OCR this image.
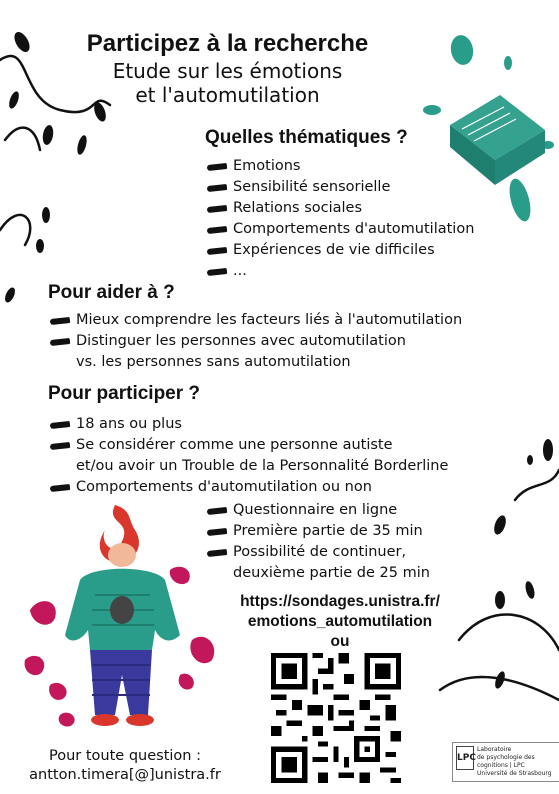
Participez à la recherche
Etude sur les émotions
et l'automutilation
Quelles thématiques ?
Emotions
Sensibilité sensorielle
Relations sociales
Comportements d'automutilation
Expériences de vie difficiles
...
Pour aider à ?
Mieux comprendre les facteurs liés à l'automutilation
Distinguer les personnes avec automutilation
vs. les personnes sans automutilation
Pour participer ?
18 ans ou plus
Se considérer comme une personne autiste
et/ou avoir un Trouble de la Personnalité Borderline
Comportements d'automutilation ou non
Questionnaire en ligne
Première partie de 35 min
Possibilité de continuer,
deuxième partie de 25 min
https://sondages.unistra.fr/
emotions_automutilation
ou
Pour toute question :
antton.timera[@]unistra.fr
LPC
Laboratoire
de psychologie des cognitions | LPC
Université de Strasbourg
